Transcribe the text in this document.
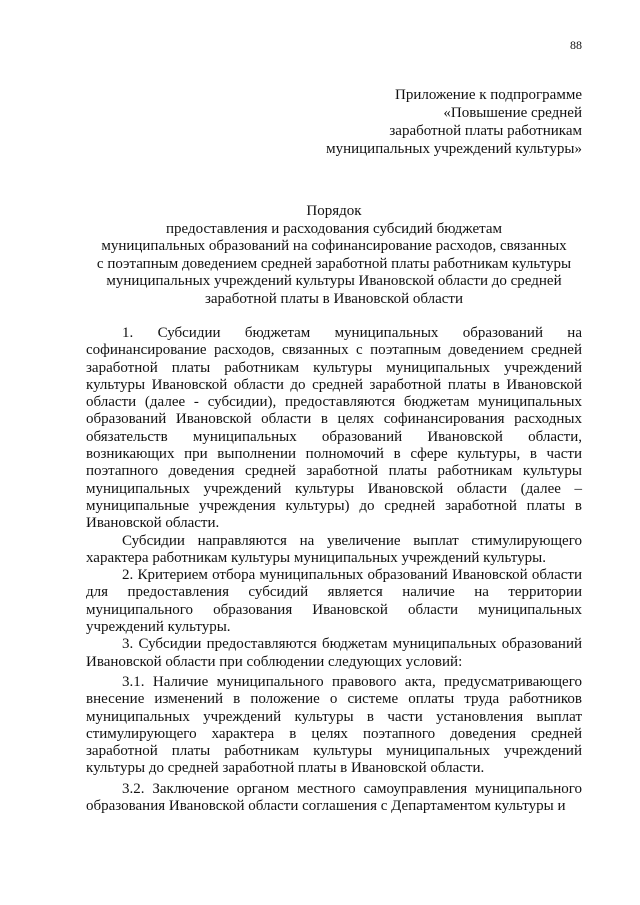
88
Приложение к подпрограмме
«Повышение средней
заработной платы работникам
муниципальных учреждений культуры»
Порядок
предоставления и расходования субсидий бюджетам
муниципальных образований на софинансирование расходов, связанных
с поэтапным доведением средней заработной платы работникам культуры
муниципальных учреждений культуры Ивановской области до средней
заработной платы в Ивановской области

1. Субсидии бюджетам муниципальных образований на софинансирование расходов, связанных с поэтапным доведением средней заработной платы работникам культуры муниципальных учреждений культуры Ивановской области до средней заработной платы в Ивановской области (далее - субсидии), предоставляются бюджетам муниципальных образований Ивановской области в целях софинансирования расходных обязательств муниципальных образований Ивановской области, возникающих при выполнении полномочий в сфере культуры, в части поэтапного доведения средней заработной платы работникам культуры муниципальных учреждений культуры Ивановской области (далее – муниципальные учреждения культуры) до средней заработной платы в Ивановской области.

Субсидии направляются на увеличение выплат стимулирующего характера работникам культуры муниципальных учреждений культуры.

2. Критерием отбора муниципальных образований Ивановской области для предоставления субсидий является наличие на территории муниципального образования Ивановской области муниципальных учреждений культуры.

3. Субсидии предоставляются бюджетам муниципальных образований Ивановской области при соблюдении следующих условий:

3.1. Наличие муниципального правового акта, предусматривающего внесение изменений в положение о системе оплаты труда работников муниципальных учреждений культуры в части установления выплат стимулирующего характера в целях поэтапного доведения средней заработной платы работникам культуры муниципальных учреждений культуры до средней заработной платы в Ивановской области.

3.2. Заключение органом местного самоуправления муниципального образования Ивановской области соглашения с Департаментом культуры и
